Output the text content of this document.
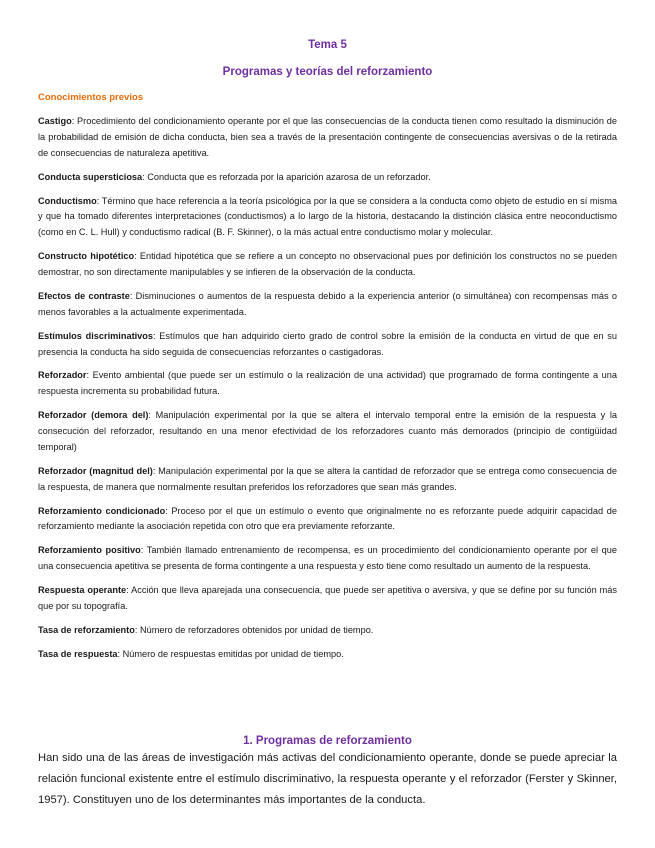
Tema 5
Programas y teorías del reforzamiento
Conocimientos previos

Castigo: Procedimiento del condicionamiento operante por el que las consecuencias de la conducta tienen como resultado la disminución de la probabilidad de emisión de dicha conducta, bien sea a través de la presentación contingente de consecuencias aversivas o de la retirada de consecuencias de naturaleza apetitiva.

Conducta supersticiosa: Conducta que es reforzada por la aparición azarosa de un reforzador.

Conductismo: Término que hace referencia a la teoría psicológica por la que se considera a la conducta como objeto de estudio en sí misma y que ha tomado diferentes interpretaciones (conductismos) a lo largo de la historia, destacando la distinción clásica entre neoconductismo (como en C. L. Hull) y conductismo radical (B. F. Skinner), o la más actual entre conductismo molar y molecular.

Constructo hipotético: Entidad hipotética que se refiere a un concepto no observacional pues por definición los constructos no se pueden demostrar, no son directamente manipulables y se infieren de la observación de la conducta.

Efectos de contraste: Disminuciones o aumentos de la respuesta debido a la experiencia anterior (o simultánea) con recompensas más o menos favorables a la actualmente experimentada.

Estímulos discriminativos: Estímulos que han adquirido cierto grado de control sobre la emisión de la conducta en virtud de que en su presencia la conducta ha sido seguida de consecuencias reforzantes o castigadoras.

Reforzador: Evento ambiental (que puede ser un estímulo o la realización de una actividad) que programado de forma contingente a una respuesta incrementa su probabilidad futura.

Reforzador (demora del): Manipulación experimental por la que se altera el intervalo temporal entre la emisión de la respuesta y la consecución del reforzador, resultando en una menor efectividad de los reforzadores cuanto más demorados (principio de contigüidad temporal)

Reforzador (magnitud del): Manipulación experimental por la que se altera la cantidad de reforzador que se entrega como consecuencia de la respuesta, de manera que normalmente resultan preferidos los reforzadores que sean más grandes.

Reforzamiento condicionado: Proceso por el que un estímulo o evento que originalmente no es reforzante puede adquirir capacidad de reforzamiento mediante la asociación repetida con otro que era previamente reforzante.

Reforzamiento positivo: También llamado entrenamiento de recompensa, es un procedimiento del condicionamiento operante por el que una consecuencia apetitiva se presenta de forma contingente a una respuesta y esto tiene como resultado un aumento de la respuesta.

Respuesta operante: Acción que lleva aparejada una consecuencia, que puede ser apetitiva o aversiva, y que se define por su función más que por su topografía.

Tasa de reforzamiento: Número de reforzadores obtenidos por unidad de tiempo.

Tasa de respuesta: Número de respuestas emitidas por unidad de tiempo.

1. Programas de reforzamiento

Han sido una de las áreas de investigación más activas del condicionamiento operante, donde se puede apreciar la relación funcional existente entre el estímulo discriminativo, la respuesta operante y el reforzador (Ferster y Skinner, 1957). Constituyen uno de los determinantes más importantes de la conducta.
